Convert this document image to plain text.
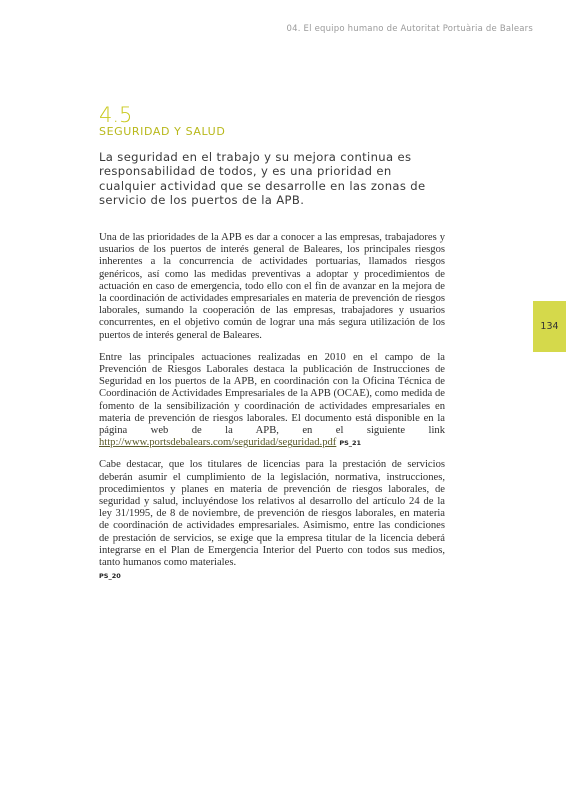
04. El equipo humano de Autoritat Portuària de Balears
4.5
SEGURIDAD Y SALUD

La seguridad en el trabajo y su mejora continua es responsabilidad de todos, y es una prioridad en cualquier actividad que se desarrolle en las zonas de servicio de los puertos de la APB.

Una de las prioridades de la APB es dar a conocer a las empresas, trabajadores y usuarios de los puertos de interés general de Baleares, los principales riesgos inherentes a la concurrencia de actividades portuarias, llamados riesgos genéricos, así como las medidas preventivas a adoptar y procedimientos de actuación en caso de emergencia, todo ello con el fin de avanzar en la mejora de la coordinación de actividades empresariales en materia de prevención de riesgos laborales, sumando la cooperación de las empresas, trabajadores y usuarios concurrentes, en el objetivo común de lograr una más segura utilización de los puertos de interés general de Baleares.

Entre las principales actuaciones realizadas en 2010 en el campo de la Prevención de Riesgos Laborales destaca la publicación de Instrucciones de Seguridad en los puertos de la APB, en coordinación con la Oficina Técnica de Coordinación de Actividades Empresariales de la APB (OCAE), como medida de fomento de la sensibilización y coordinación de actividades empresariales en materia de prevención de riesgos laborales. El documento está disponible en la página web de la APB, en el siguiente link http://www.portsdebalears.com/seguridad/seguridad.pdf PS_21

Cabe destacar, que los titulares de licencias para la prestación de servicios deberán asumir el cumplimiento de la legislación, normativa, instrucciones, procedimientos y planes en materia de prevención de riesgos laborales, de seguridad y salud, incluyéndose los relativos al desarrollo del artículo 24 de la ley 31/1995, de 8 de noviembre, de prevención de riesgos laborales, en materia de coordinación de actividades empresariales. Asimismo, entre las condiciones de prestación de servicios, se exige que la empresa titular de la licencia deberá integrarse en el Plan de Emergencia Interior del Puerto con todos sus medios, tanto humanos como materiales.
PS_20

134
